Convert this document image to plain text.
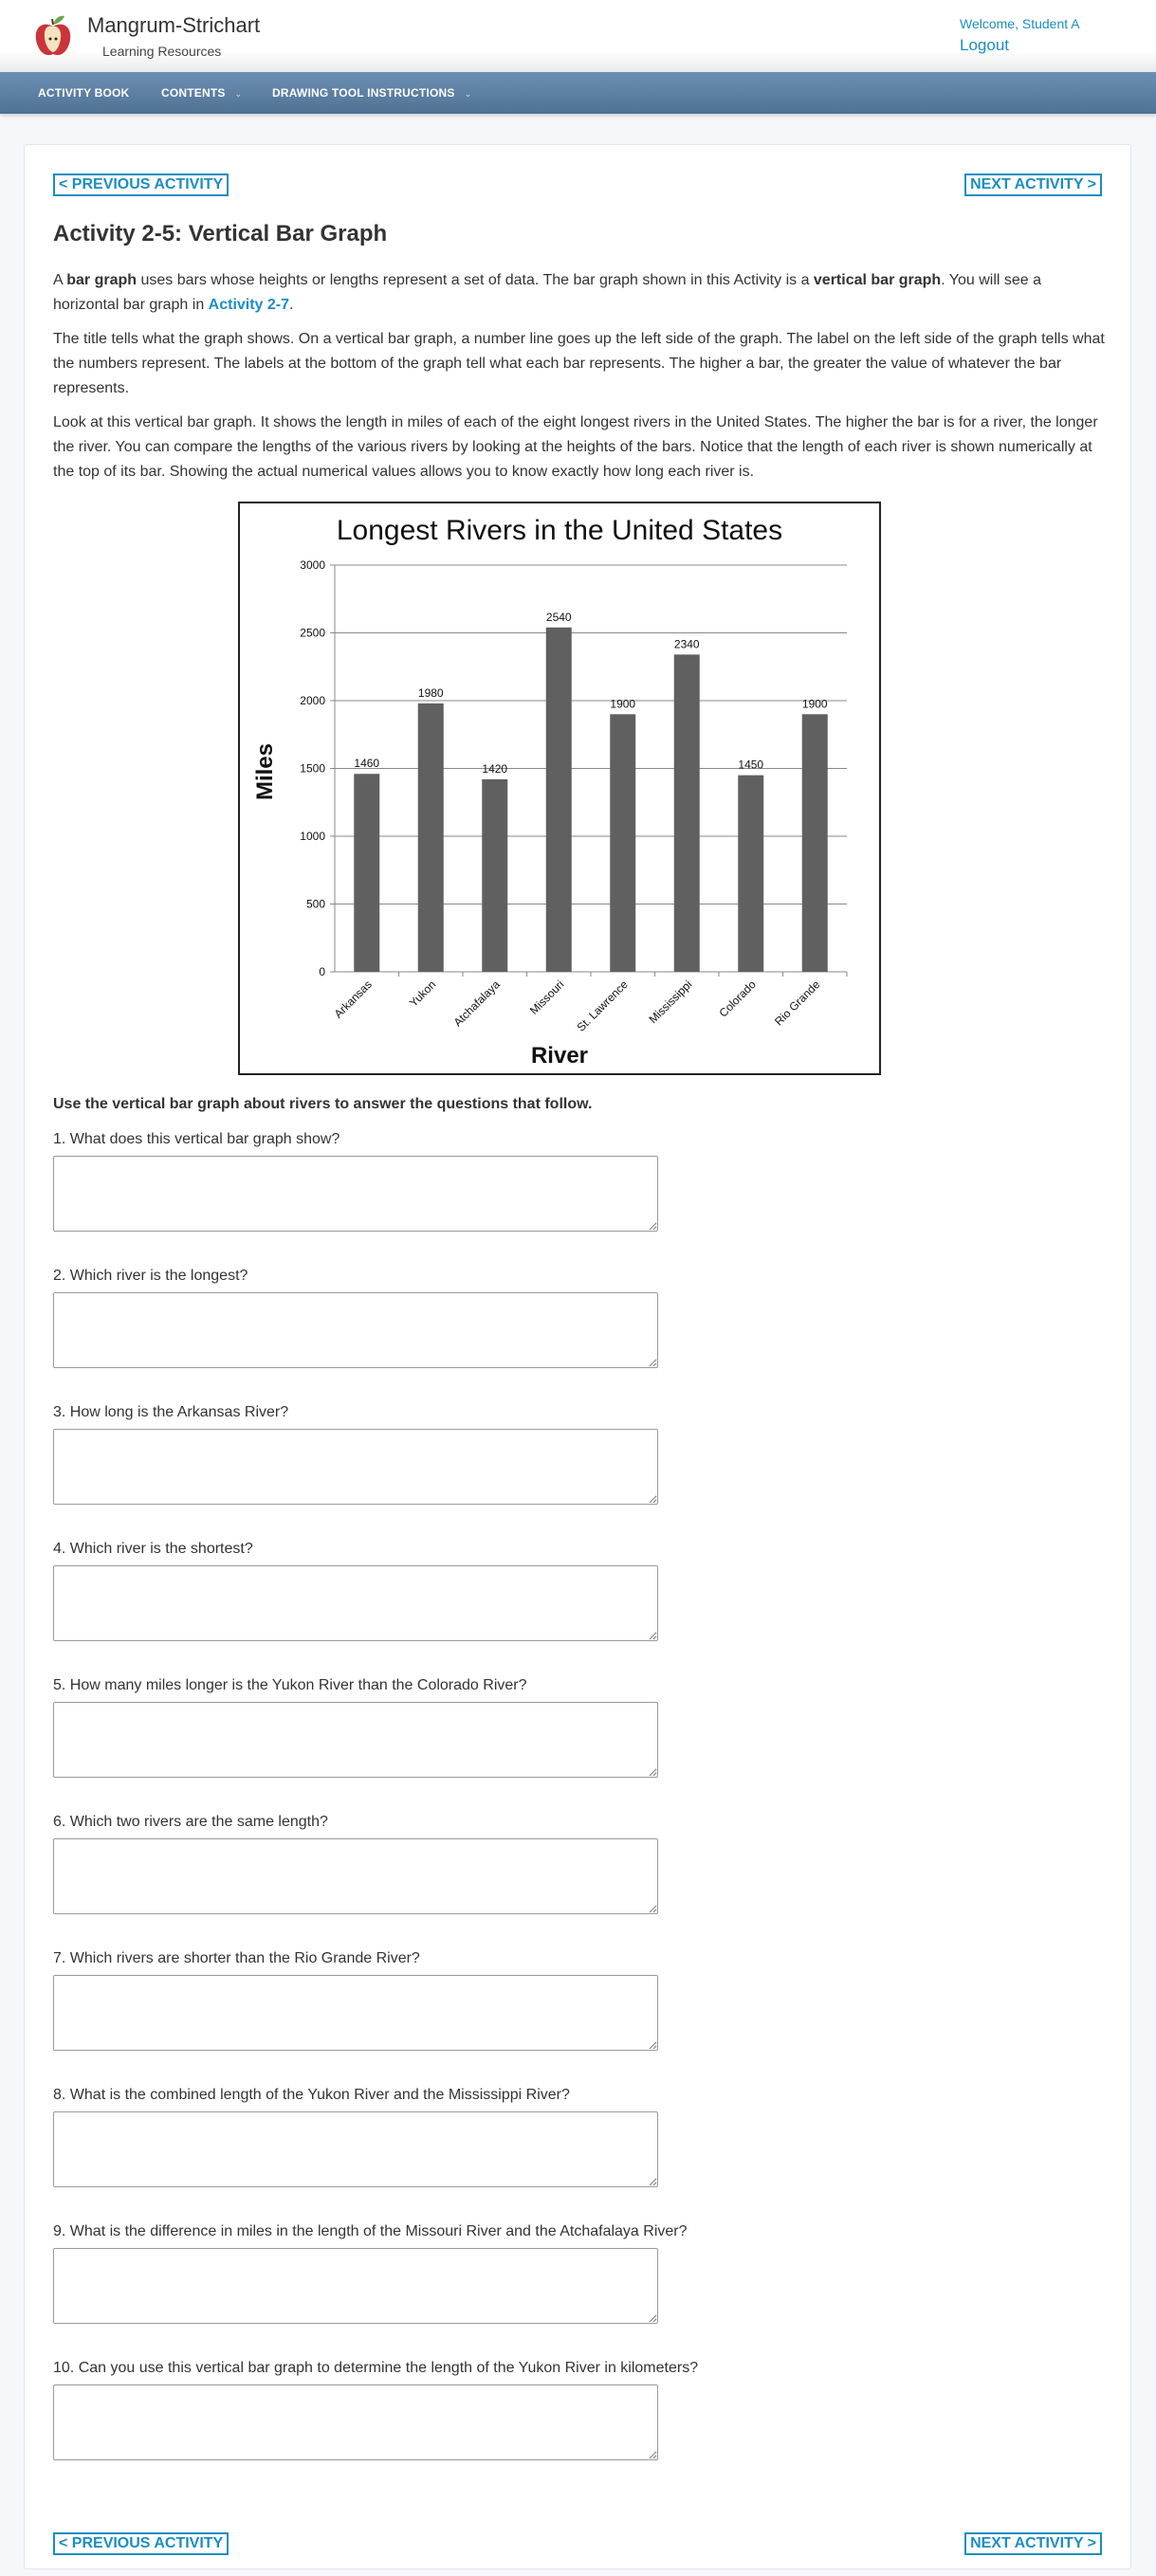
Mangrum-Strichart
Learning Resources
Welcome, Student A
Logout
ACTIVITY BOOK	CONTENTS ⌄	DRAWING TOOL INSTRUCTIONS ⌄
< PREVIOUS ACTIVITY	NEXT ACTIVITY >
Activity 2-5: Vertical Bar Graph

A bar graph uses bars whose heights or lengths represent a set of data. The bar graph shown in this Activity is a vertical bar graph. You will see a horizontal bar graph in Activity 2-7.

The title tells what the graph shows. On a vertical bar graph, a number line goes up the left side of the graph. The label on the left side of the graph tells what the numbers represent. The labels at the bottom of the graph tell what each bar represents. The higher a bar, the greater the value of whatever the bar represents.

Look at this vertical bar graph. It shows the length in miles of each of the eight longest rivers in the United States. The higher the bar is for a river, the longer the river. You can compare the lengths of the various rivers by looking at the heights of the bars. Notice that the length of each river is shown numerically at the top of its bar. Showing the actual numerical values allows you to know exactly how long each river is.

Longest Rivers in the United States
Miles
River
0
500
1000
1500
2000
2500
3000
1460
Arkansas
1980
Yukon
1420
Atchafalaya
2540
Missouri
1900
St. Lawrence
2340
Mississippi
1450
Colorado
1900
Rio Grande
Use the vertical bar graph about rivers to answer the questions that follow.
1. What does this vertical bar graph show?
2. Which river is the longest?
3. How long is the Arkansas River?
4. Which river is the shortest?
5. How many miles longer is the Yukon River than the Colorado River?
6. Which two rivers are the same length?
7. Which rivers are shorter than the Rio Grande River?
8. What is the combined length of the Yukon River and the Mississippi River?
9. What is the difference in miles in the length of the Missouri River and the Atchafalaya River?
10. Can you use this vertical bar graph to determine the length of the Yukon River in kilometers?
< PREVIOUS ACTIVITY	NEXT ACTIVITY >
